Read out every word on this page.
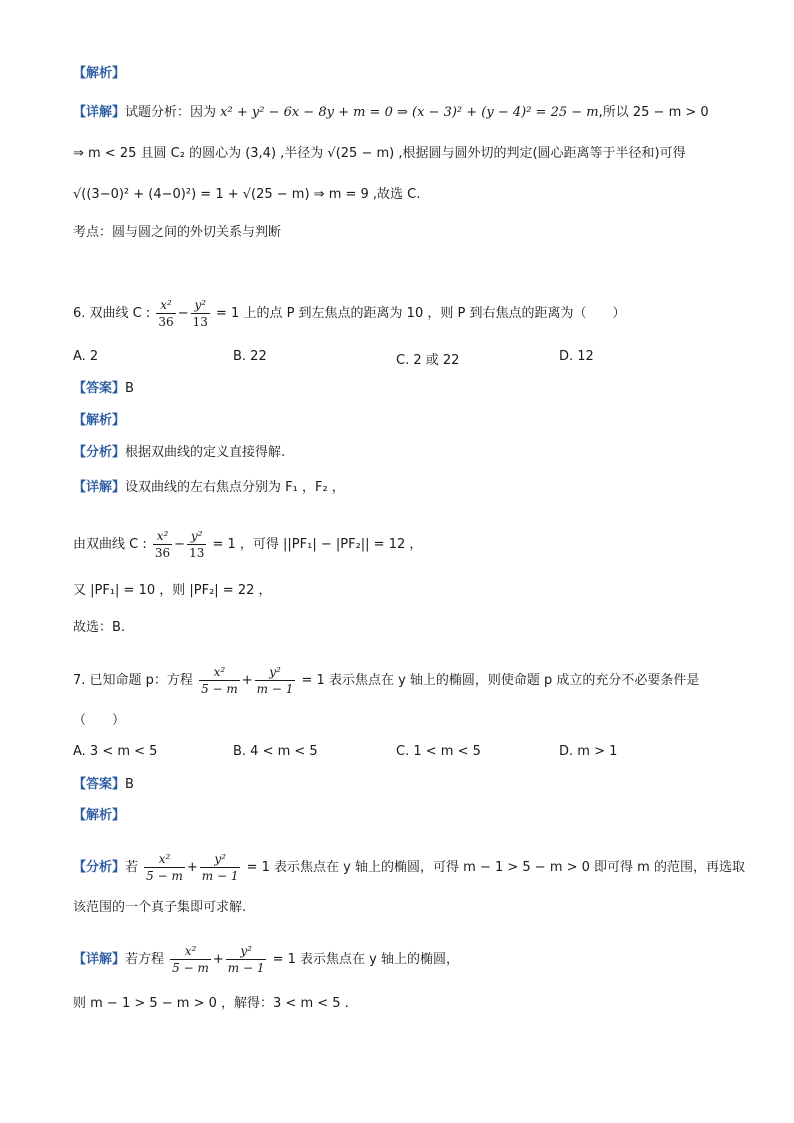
【解析】
【详解】试题分析：因为 x² + y² − 6x − 8y + m = 0 ⇒ (x − 3)² + (y − 4)² = 25 − m,所以 25 − m > 0
⇒ m < 25 且圆 C₂ 的圆心为 (3,4) ,半径为 √(25 − m) ,根据圆与圆外切的判定(圆心距离等于半径和)可得
√((3−0)² + (4−0)²) = 1 + √(25 − m) ⇒ m = 9 ,故选 C.
考点：圆与圆之间的外切关系与判断
6. 双曲线 C : $\frac{\text{x²}}{36} - \frac{\text{y²}}{13} = 1$ 上的点 P 到左焦点的距离为 10 ，则 P 到右焦点的距离为（　　）
A. 2	B. 22	C. 2 或 22	D. 12
【答案】B
【解析】
【分析】根据双曲线的定义直接得解.
【详解】设双曲线的左右焦点分别为 F₁ ，F₂ ，
由双曲线 C : $\frac{\text{x²}}{36} - \frac{\text{y²}}{13} = 1$ ，可得 ||PF₁| − |PF₂|| = 12 ，
又 |PF₁| = 10 ，则 |PF₂| = 22 ，
故选：B.
7. 已知命题 p：方程 $\frac{\text{x²}}{5 - m} + \frac{\text{y²}}{m - 1} = 1$ 表示焦点在 y 轴上的椭圆，则使命题 p 成立的充分不必要条件是
（　　）
A. 3 < m < 5	B. 4 < m < 5	C. 1 < m < 5	D. m > 1
【答案】B
【解析】
【分析】若 $\frac{\text{x²}}{5 - m} + \frac{\text{y²}}{m - 1} = 1$ 表示焦点在 y 轴上的椭圆，可得 m − 1 > 5 − m > 0 即可得 m 的范围，再选取
该范围的一个真子集即可求解.
【详解】若方程 $\frac{\text{x²}}{5 - m} + \frac{\text{y²}}{m - 1} = 1$ 表示焦点在 y 轴上的椭圆，
则 m − 1 > 5 − m > 0 ，解得：3 < m < 5 .
